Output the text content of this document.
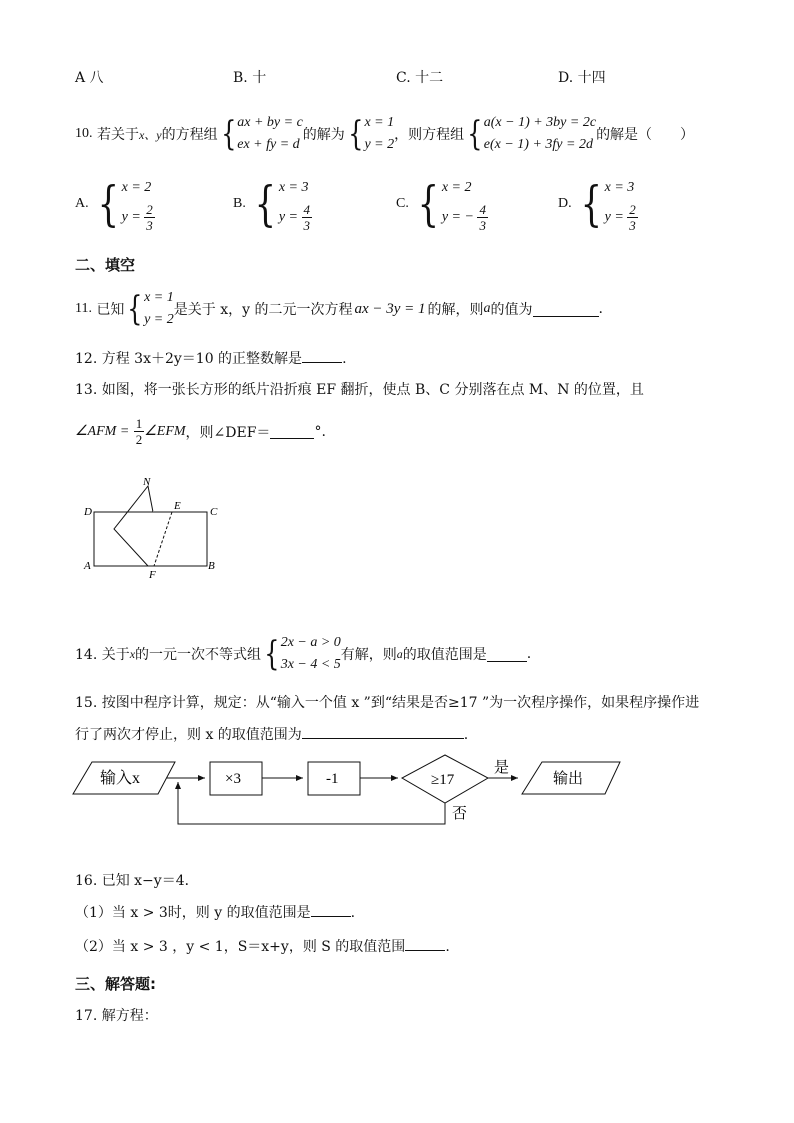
A 八	B. 十	C. 十二	D. 十四
10.
若关于 x、y 的方程组 { ax + by = c
ex + fy = d
的解为 { x = 1
y = 2
，则方程组 { a(x − 1) + 3by = 2c
e(x − 1) + 3fy = 2d
的解是（　　）
A.
{ x = 2
$y = \frac{2}{3}$	B.
{ x = 3
$y = \frac{4}{3}$	C.
{ x = 2
y = − $\frac{4}{3}$	D.
{ x = 3
$y = \frac{2}{3}$
二、填空
11.
已知 { x = 1
y = 2
是关于 x，y 的二元一次方程 ax − 3y = 1 的解，则 a 的值为	.
12. 方程 3x＋2y＝10 的正整数解是	.
13. 如图，将一张长方形的纸片沿折痕 EF 翻折，使点 B、C 分别落在点 M、N 的位置，且
∠AFM =
$\frac{1}{2}$ ∠EFM ，则∠DEF＝	°.
N
D	E	C
A
F
B
14. 关于 x 的一元一次不等式组 { 2x − a > 0
3x − 4 < 5
有解，则 a 的取值范围是	.
15. 按图中程序计算，规定：从“输入一个值 x ”到“结果是否≥17 ”为一次程序操作，如果程序操作进
行了两次才停止，则 x 的取值范围为	.
输入x	×3	-1	≥17
是
输出
否
16. 已知 x−y＝4．
（1）当 x > 3时，则 y 的取值范围是	.
（2）当 x > 3 ，y < 1，S＝x+y，则 S 的取值范围	.
三、解答题:
17. 解方程：
